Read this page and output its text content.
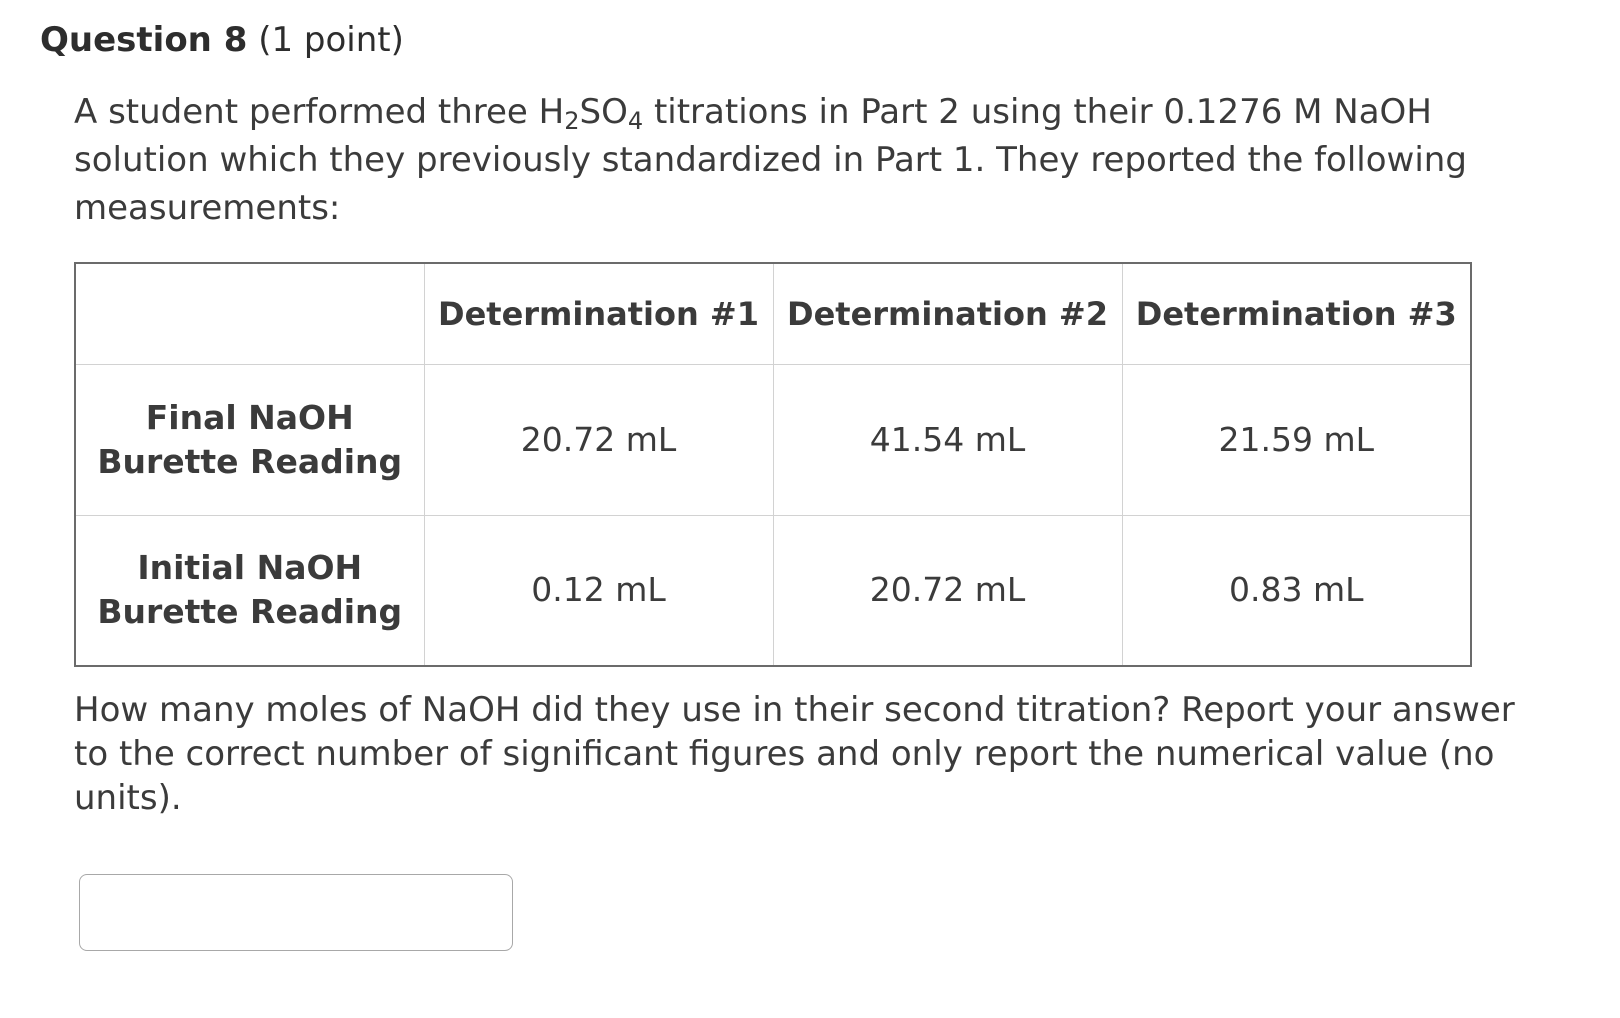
Question 8 (1 point)
A student performed three $H_2SO_4$ titrations in Part 2 using their 0.1276 M NaOH solution which they previously standardized in Part 1. They reported the following measurements:
	Determination #1	Determination #2	Determination #3
Final NaOH Burette Reading	20.72 mL	41.54 mL	21.59 mL
Initial NaOH Burette Reading	0.12 mL	20.72 mL	0.83 mL
How many moles of NaOH did they use in their second titration? Report your answer to the correct number of significant figures and only report the numerical value (no units).
